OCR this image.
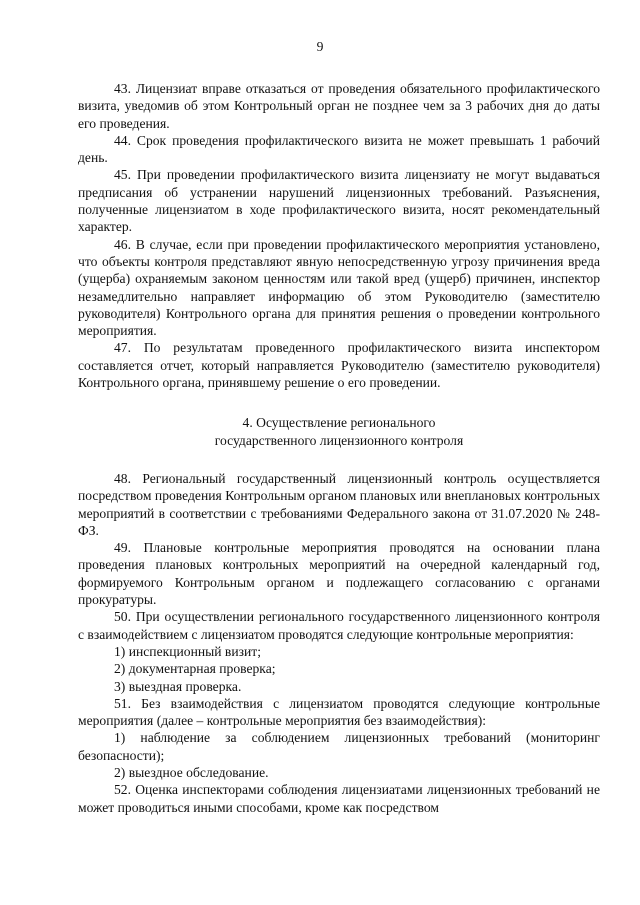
9

43. Лицензиат вправе отказаться от проведения обязательного профилактического визита, уведомив об этом Контрольный орган не позднее чем за 3 рабочих дня до даты его проведения.

44. Срок проведения профилактического визита не может превышать 1 рабочий день.

45. При проведении профилактического визита лицензиату не могут выдаваться предписания об устранении нарушений лицензионных требований. Разъяснения, полученные лицензиатом в ходе профилактического визита, носят рекомендательный характер.

46. В случае, если при проведении профилактического мероприятия установлено, что объекты контроля представляют явную непосредственную угрозу причинения вреда (ущерба) охраняемым законом ценностям или такой вред (ущерб) причинен, инспектор незамедлительно направляет информацию об этом Руководителю (заместителю руководителя) Контрольного органа для принятия решения о проведении контрольного мероприятия.

47. По результатам проведенного профилактического визита инспектором составляется отчет, который направляется Руководителю (заместителю руководителя) Контрольного органа, принявшему решение о его проведении.

4. Осуществление регионального
государственного лицензионного контроля

48. Региональный государственный лицензионный контроль осуществляется посредством проведения Контрольным органом плановых или внеплановых контрольных мероприятий в соответствии с требованиями Федерального закона от 31.07.2020 № 248-ФЗ.

49. Плановые контрольные мероприятия проводятся на основании плана проведения плановых контрольных мероприятий на очередной календарный год, формируемого Контрольным органом и подлежащего согласованию с органами прокуратуры.

50. При осуществлении регионального государственного лицензионного контроля с взаимодействием с лицензиатом проводятся следующие контрольные мероприятия:

1) инспекционный визит;

2) документарная проверка;

3) выездная проверка.

51. Без взаимодействия с лицензиатом проводятся следующие контрольные мероприятия (далее – контрольные мероприятия без взаимодействия):

1) наблюдение за соблюдением лицензионных требований (мониторинг безопасности);

2) выездное обследование.

52. Оценка инспекторами соблюдения лицензиатами лицензионных требований не может проводиться иными способами, кроме как посредством
